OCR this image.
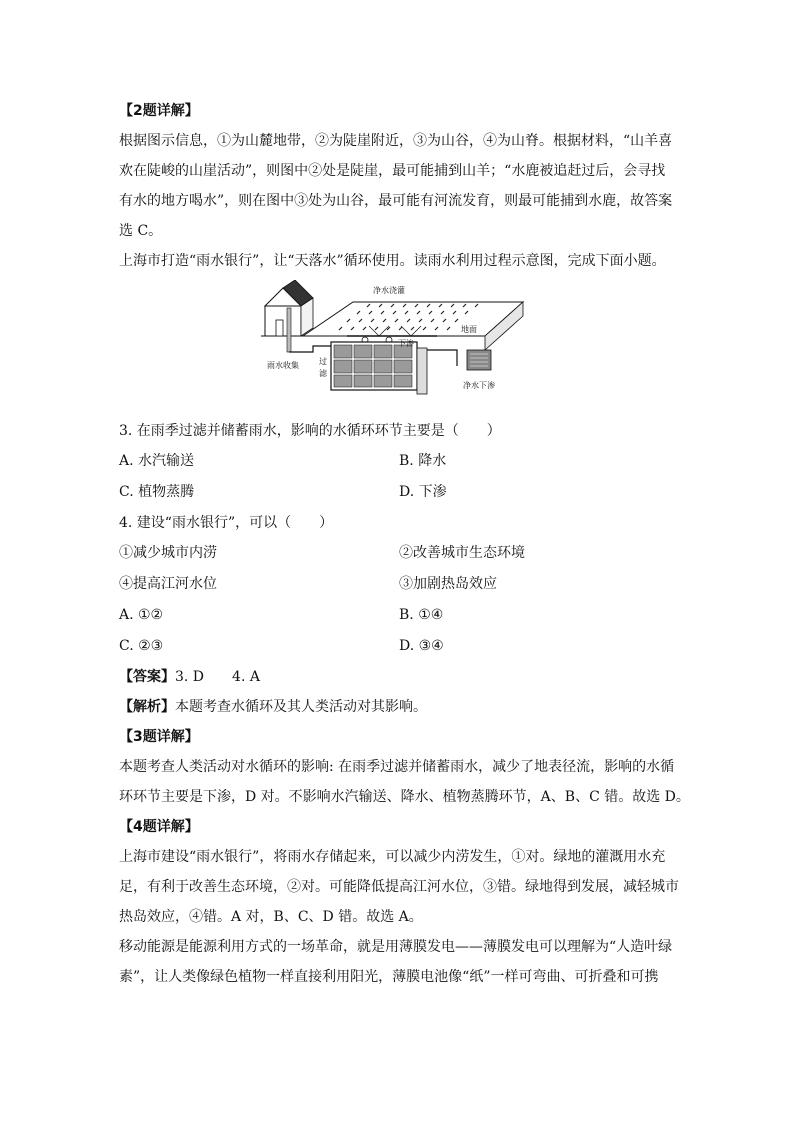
【2题详解】
根据图示信息，①为山麓地带，②为陡崖附近，③为山谷，④为山脊。根据材料，“山羊喜
欢在陡峻的山崖活动”，则图中②处是陡崖，最可能捕到山羊；“水鹿被追赶过后，会寻找
有水的地方喝水”，则在图中③处为山谷，最可能有河流发育，则最可能捕到水鹿，故答案
选 C。
上海市打造“雨水银行”，让“天落水”循环使用。读雨水利用过程示意图，完成下面小题。
净水浇灌
地面
雨水收集	过
滤
净水下渗
下渗
3. 在雨季过滤并储蓄雨水，影响的水循环环节主要是（　　）
A. 水汽输送	B. 降水
C. 植物蒸腾	D. 下渗
4. 建设“雨水银行”，可以（　　）
①减少城市内涝	②改善城市生态环境
④提高江河水位	③加剧热岛效应
A. ①②	B. ①④
C. ②③	D. ③④
【答案】3. D　　4. A
【解析】本题考查水循环及其人类活动对其影响。
【3题详解】
本题考查人类活动对水循环的影响: 在雨季过滤并储蓄雨水，减少了地表径流，影响的水循
环环节主要是下渗，D 对。不影响水汽输送、降水、植物蒸腾环节，A、B、C 错。故选 D。
【4题详解】
上海市建设“雨水银行”，将雨水存储起来，可以减少内涝发生，①对。绿地的灌溉用水充
足，有利于改善生态环境，②对。可能降低提高江河水位，③错。绿地得到发展，减轻城市
热岛效应，④错。A 对，B、C、D 错。故选 A。
移动能源是能源利用方式的一场革命，就是用薄膜发电——薄膜发电可以理解为“人造叶绿
素”，让人类像绿色植物一样直接利用阳光，薄膜电池像“纸”一样可弯曲、可折叠和可携
